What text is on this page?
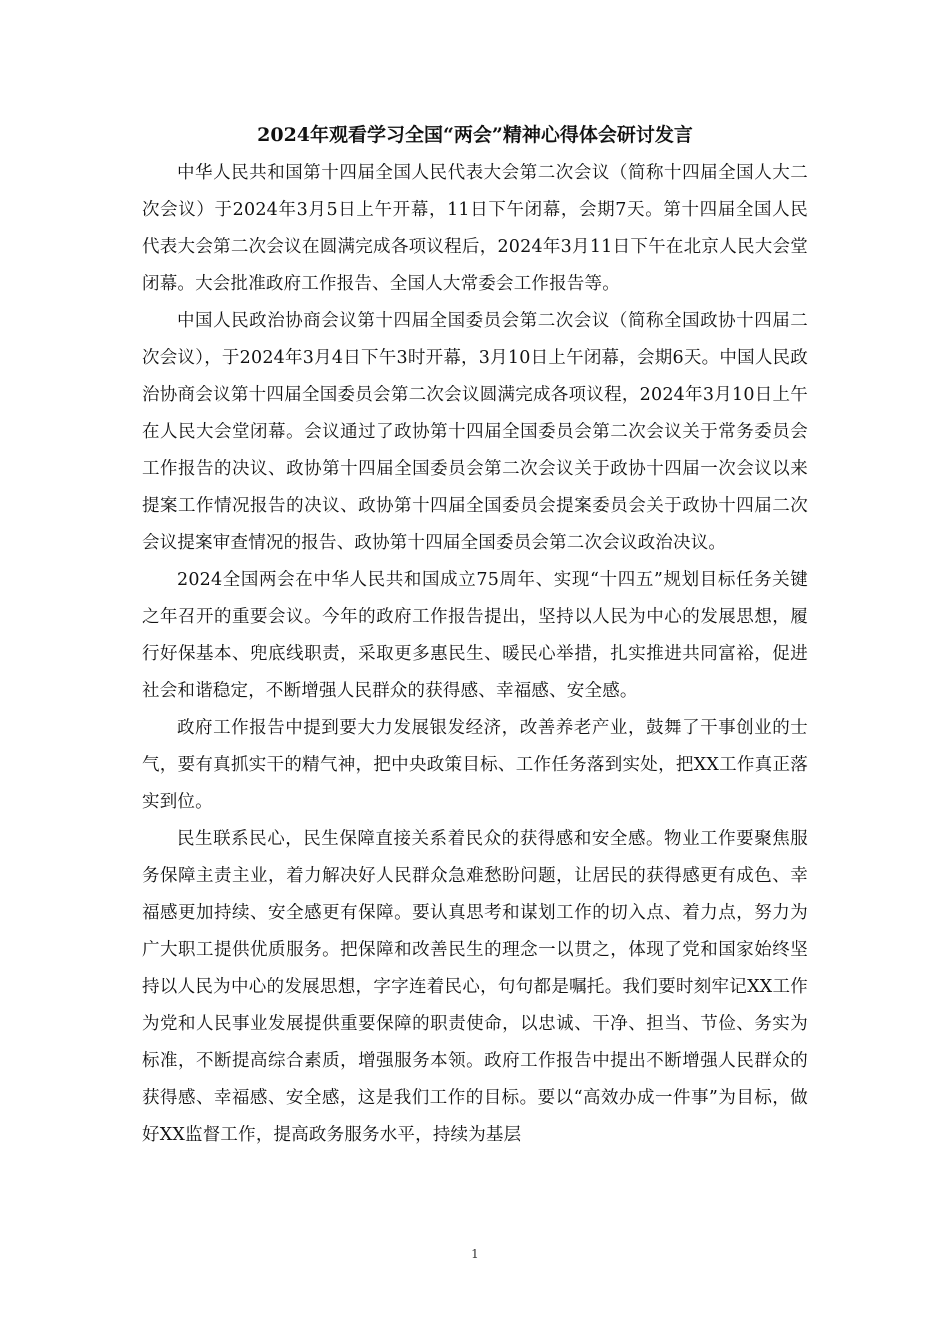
2024年观看学习全国“两会”精神心得体会研讨发言

中华人民共和国第十四届全国人民代表大会第二次会议（简称十四届全国人大二次会议）于2024年3月5日上午开幕，11日下午闭幕，会期7天。第十四届全国人民代表大会第二次会议在圆满完成各项议程后，2024年3月11日下午在北京人民大会堂闭幕。大会批准政府工作报告、全国人大常委会工作报告等。

中国人民政治协商会议第十四届全国委员会第二次会议（简称全国政协十四届二次会议），于2024年3月4日下午3时开幕，3月10日上午闭幕，会期6天。中国人民政治协商会议第十四届全国委员会第二次会议圆满完成各项议程，2024年3月10日上午在人民大会堂闭幕。会议通过了政协第十四届全国委员会第二次会议关于常务委员会工作报告的决议、政协第十四届全国委员会第二次会议关于政协十四届一次会议以来提案工作情况报告的决议、政协第十四届全国委员会提案委员会关于政协十四届二次会议提案审查情况的报告、政协第十四届全国委员会第二次会议政治决议。

2024全国两会在中华人民共和国成立75周年、实现“十四五”规划目标任务关键之年召开的重要会议。今年的政府工作报告提出，坚持以人民为中心的发展思想，履行好保基本、兜底线职责，采取更多惠民生、暖民心举措，扎实推进共同富裕，促进社会和谐稳定，不断增强人民群众的获得感、幸福感、安全感。

政府工作报告中提到要大力发展银发经济，改善养老产业，鼓舞了干事创业的士气，要有真抓实干的精气神，把中央政策目标、工作任务落到实处，把XX工作真正落实到位。

民生联系民心，民生保障直接关系着民众的获得感和安全感。物业工作要聚焦服务保障主责主业，着力解决好人民群众急难愁盼问题，让居民的获得感更有成色、幸福感更加持续、安全感更有保障。要认真思考和谋划工作的切入点、着力点，努力为广大职工提供优质服务。把保障和改善民生的理念一以贯之，体现了党和国家始终坚持以人民为中心的发展思想，字字连着民心，句句都是嘱托。我们要时刻牢记XX工作为党和人民事业发展提供重要保障的职责使命，以忠诚、干净、担当、节俭、务实为标准，不断提高综合素质，增强服务本领。政府工作报告中提出不断增强人民群众的获得感、幸福感、安全感，这是我们工作的目标。要以“高效办成一件事”为目标，做好XX监督工作，提高政务服务水平，持续为基层

1
